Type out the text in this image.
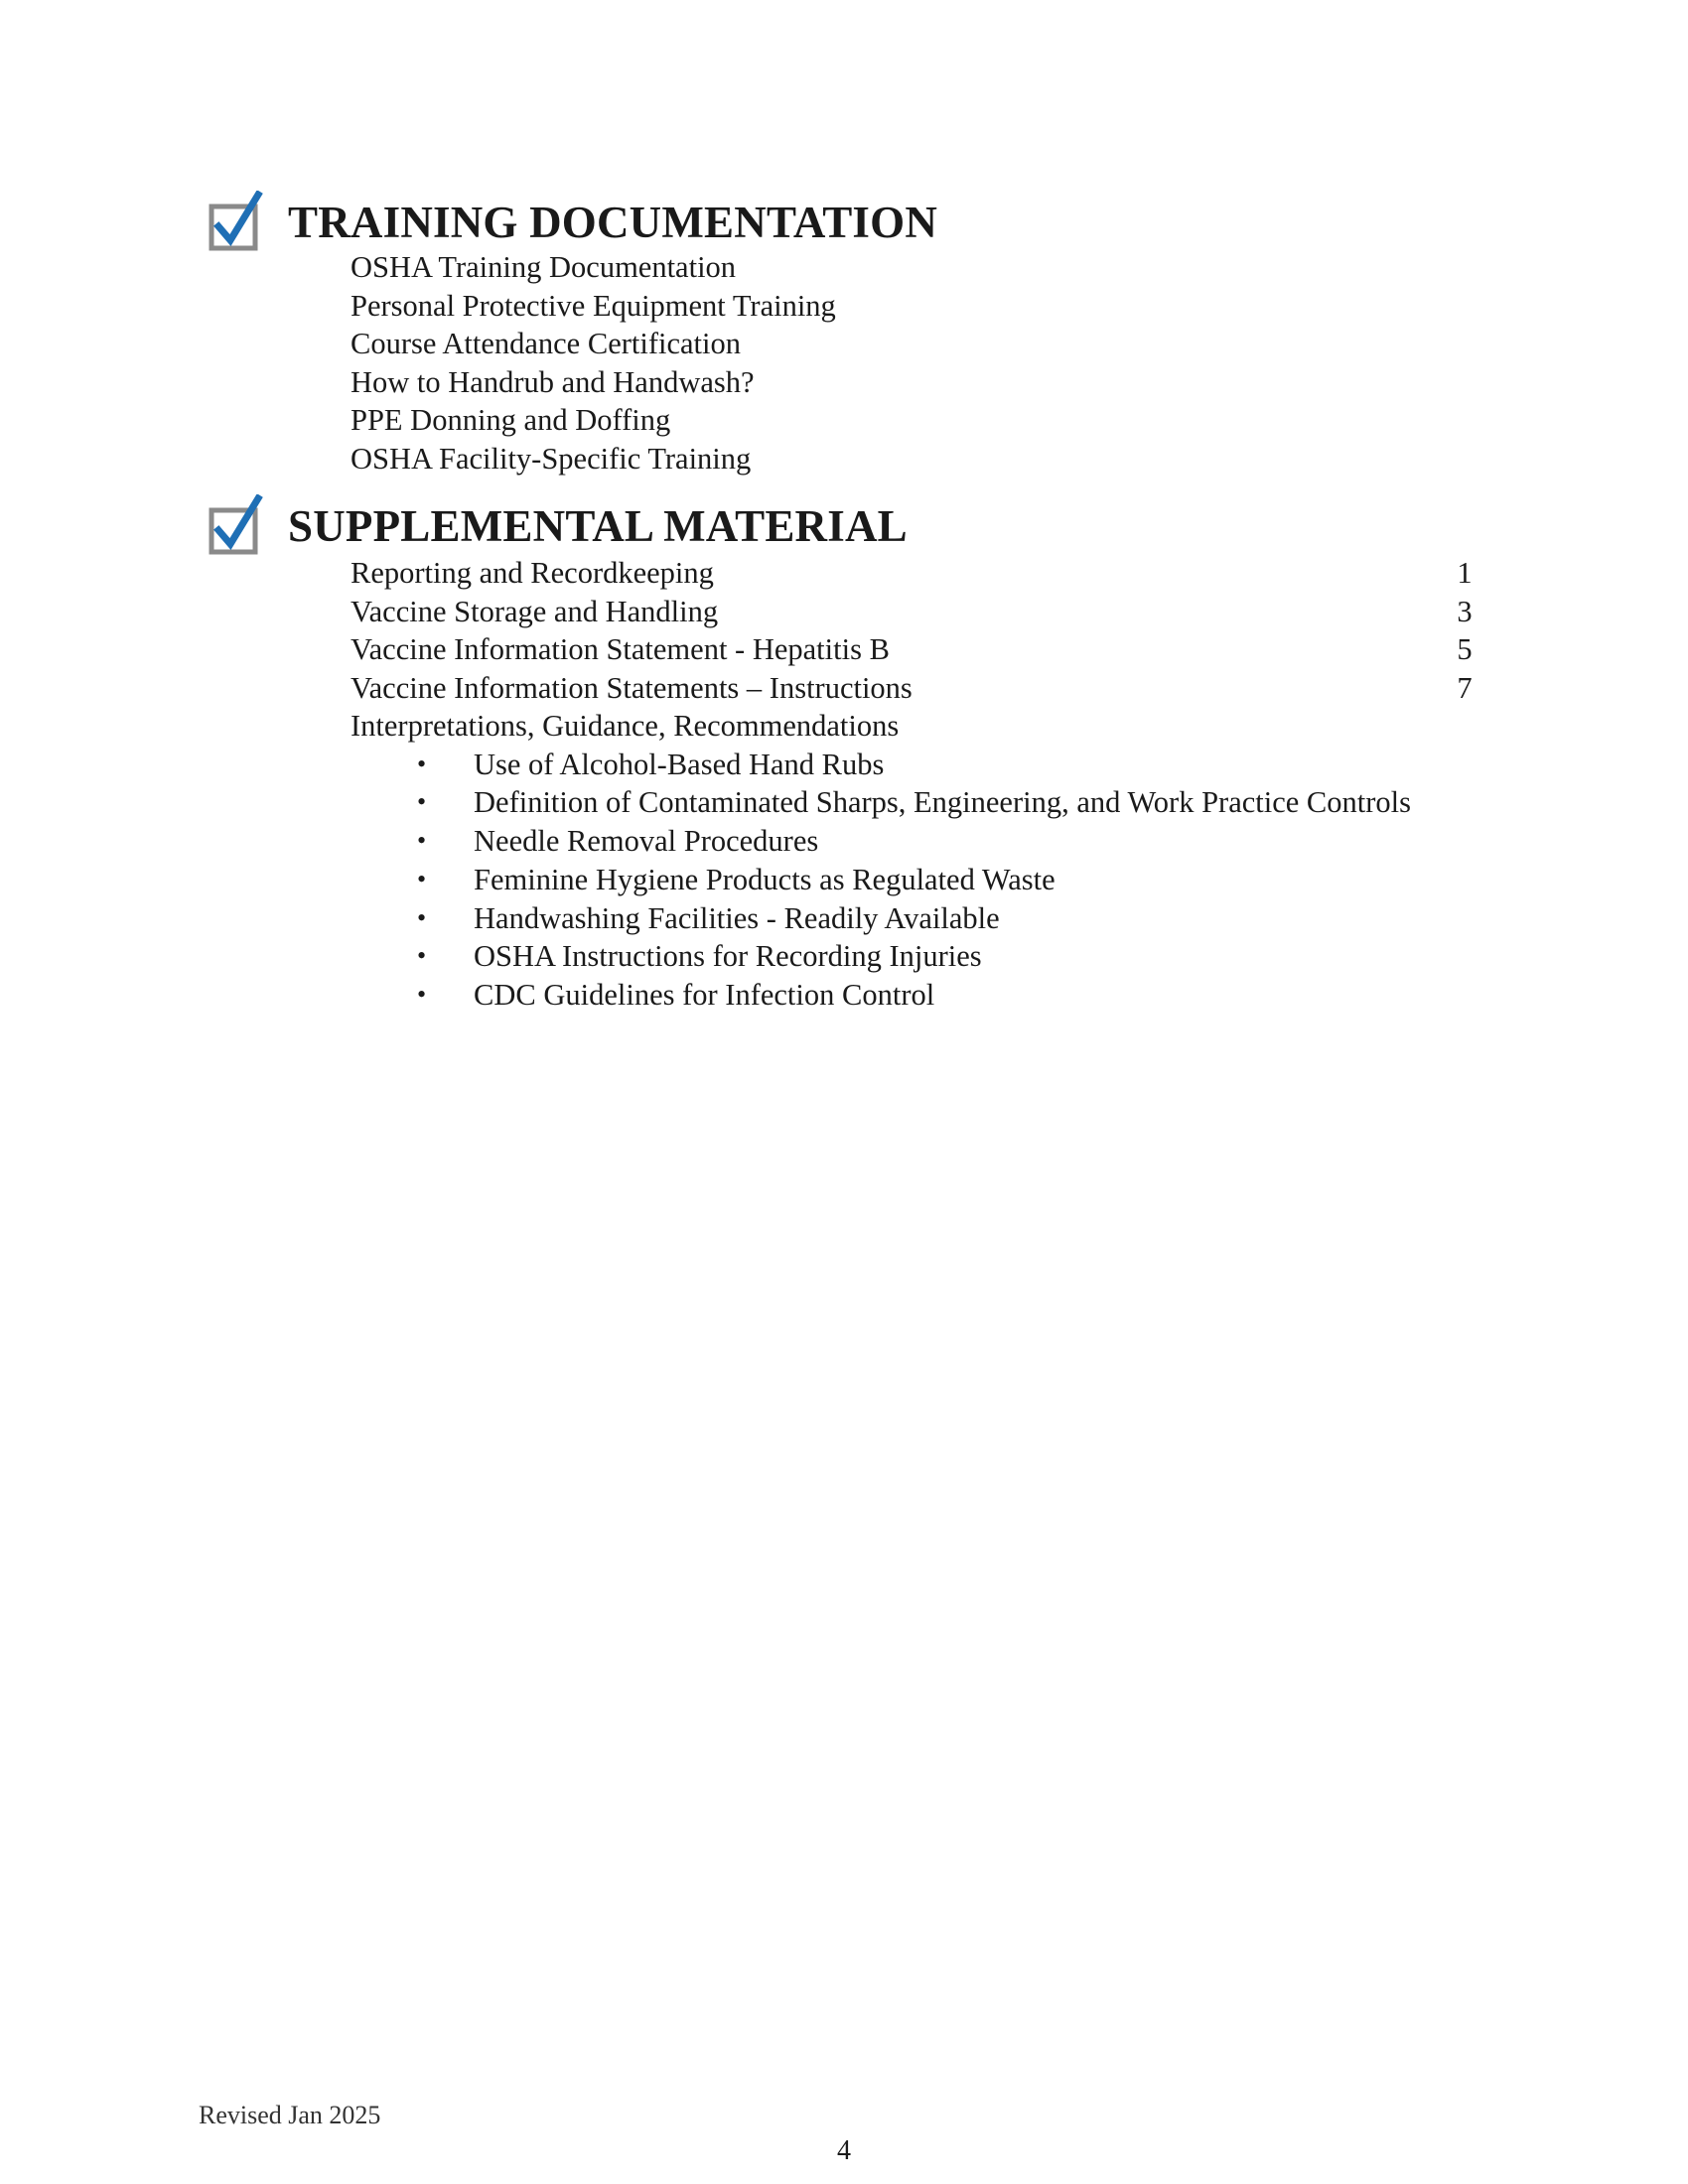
TRAINING DOCUMENTATION
OSHA Training Documentation
Personal Protective Equipment Training
Course Attendance Certification
How to Handrub and Handwash?
PPE Donning and Doffing
OSHA Facility-Specific Training
SUPPLEMENTAL MATERIAL
Reporting and Recordkeeping	1
Vaccine Storage and Handling	3
Vaccine Information Statement - Hepatitis B	5
Vaccine Information Statements – Instructions	7
Interpretations, Guidance, Recommendations
• Use of Alcohol-Based Hand Rubs
• Definition of Contaminated Sharps, Engineering, and Work Practice Controls
• Needle Removal Procedures
• Feminine Hygiene Products as Regulated Waste
• Handwashing Facilities - Readily Available
• OSHA Instructions for Recording Injuries
• CDC Guidelines for Infection Control
Revised Jan 2025
4
